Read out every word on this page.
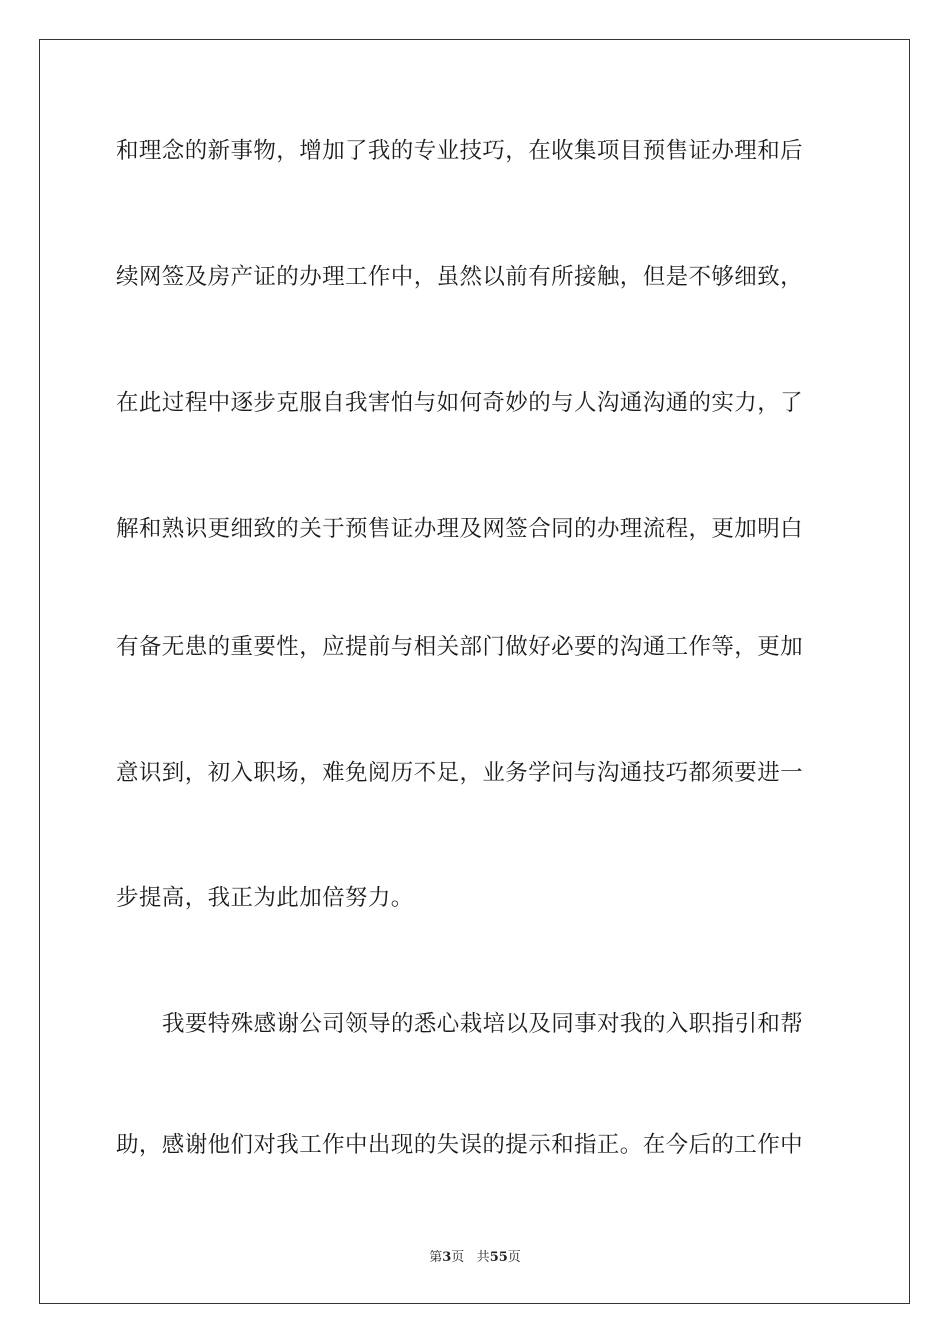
和理念的新事物，增加了我的专业技巧，在收集项目预售证办理和后
续网签及房产证的办理工作中，虽然以前有所接触，但是不够细致，
在此过程中逐步克服自我害怕与如何奇妙的与人沟通沟通的实力，了
解和熟识更细致的关于预售证办理及网签合同的办理流程，更加明白
有备无患的重要性，应提前与相关部门做好必要的沟通工作等，更加
意识到，初入职场，难免阅历不足，业务学问与沟通技巧都须要进一
步提高，我正为此加倍努力。
我要特殊感谢公司领导的悉心栽培以及同事对我的入职指引和帮
助，感谢他们对我工作中出现的失误的提示和指正。在今后的工作中
第3页 共55页
